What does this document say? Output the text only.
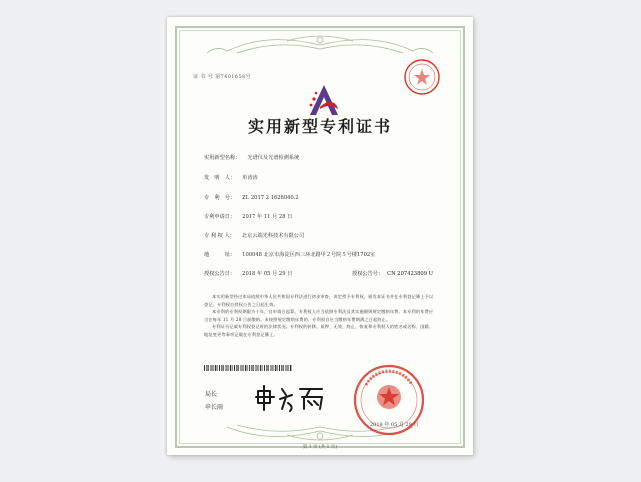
证 书 号 第7401658号
实用新型专利证书
实用新型名称： 光谱仪及光谱检测系统
发　明　人： 单涛涛
专　利　号： ZL 2017 2 1626040.2
专利申请日： 2017 年 11 月 28 日
专 利 权 人： 北京云端光科技术有限公司
地　　　址： 100048 北京市海淀区西三环北路甲２号院５号楼1702室
授权公告日： 2018 年 05 月 29 日	授权公告号： CN 207423809 U

本实用新型经过本局依照中华人民共和国专利法进行初步审查，决定授予专利权，颁发本证书并在专利登记簿上予以登记。专利权自授权公告之日起生效。

本专利的专利权期限为十年，自申请日起算。专利权人应当依照专利法及其实施细则规定缴纳年费。本专利的年费应当在每年 11 月 28 日前缴纳。未按照规定缴纳年费的，专利权自应当缴纳年费期满之日起终止。

专利证书记载专利权登记时的法律状况。专利权的转移、质押、无效、终止、恢复和专利权人的姓名或名称、国籍、地址变更等事项记载在专利登记簿上。

局长
申长雨
2018 年 05 月 29 日
第 1 页 (共 1 页)
